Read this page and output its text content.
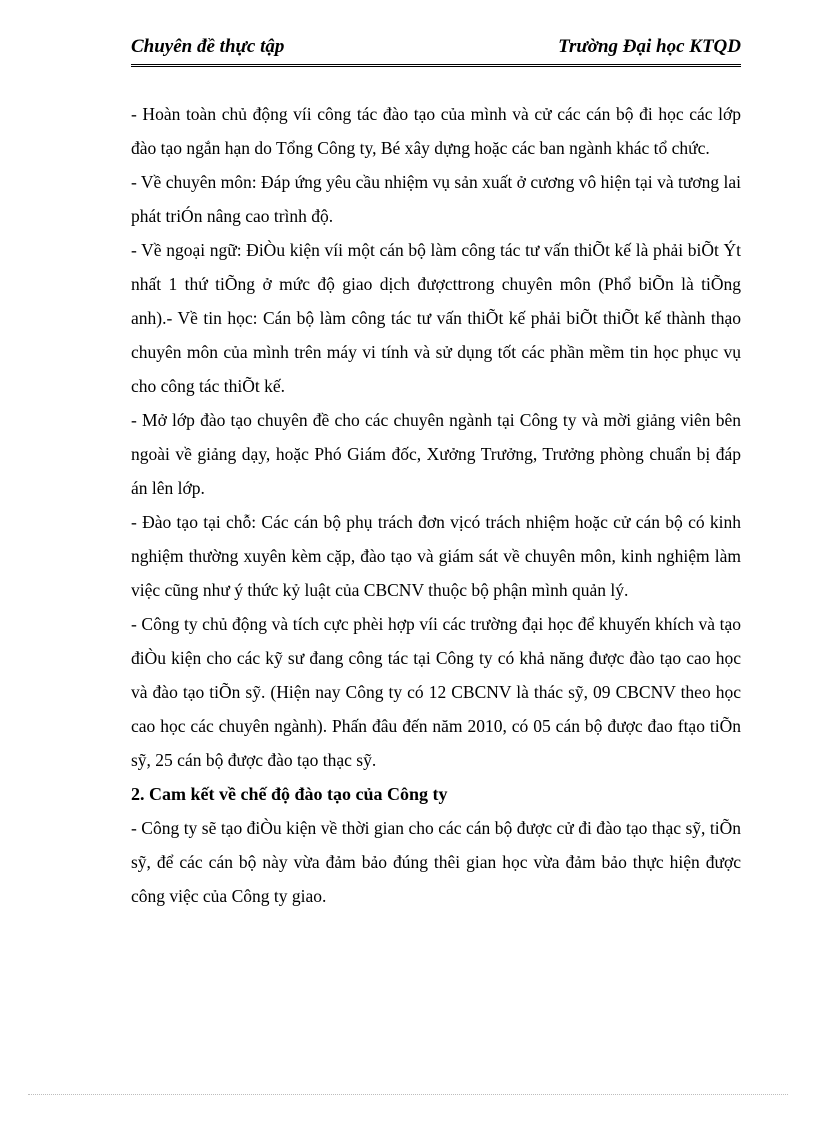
Chuyên đề thực tập	Trường Đại học KTQD

- Hoàn toàn chủ động víi công tác đào tạo của mình và cử các cán bộ đi học các lớp đào tạo ngắn hạn do Tổng Công ty, Bé xây dựng hoặc các ban ngành khác tổ chức.

- Về chuyên môn: Đáp ứng yêu cầu nhiệm vụ sản xuất ở cương vô hiện tại và tương lai phát triÓn nâng cao trình độ.

- Về ngoại ngữ: ĐiÒu kiện víi một cán bộ làm công tác tư vấn thiÕt kế là phải biÕt Ýt nhất 1 thứ tiÕng ở mức độ giao dịch đượcttrong chuyên môn (Phổ biÕn là tiÕng anh).- Về tin học: Cán bộ làm công tác tư vấn thiÕt kế phải biÕt thiÕt kế thành thạo chuyên môn của mình trên máy vi tính và sử dụng tốt các phần mềm tin học phục vụ cho công tác thiÕt kế.

- Mở lớp đào tạo chuyên đề cho các chuyên ngành tại Công ty và mời giảng viên bên ngoài về giảng dạy, hoặc Phó Giám đốc, Xưởng Trưởng, Trưởng phòng chuẩn bị đáp án lên lớp.

- Đào tạo tại chỗ: Các cán bộ phụ trách đơn vịcó trách nhiệm hoặc cử cán bộ có kinh nghiệm thường xuyên kèm cặp, đào tạo và giám sát về chuyên môn, kinh nghiệm làm việc cũng như ý thức kỷ luật của CBCNV thuộc bộ phận mình quản lý.

- Công ty chủ động và tích cực phèi hợp víi các trường đại học để khuyến khích và tạo điÒu kiện cho các kỹ sư đang công tác tại Công ty có khả năng được đào tạo cao học và đào tạo tiÕn sỹ. (Hiện nay Công ty có 12 CBCNV là thác sỹ, 09 CBCNV theo học cao học các chuyên ngành). Phấn đâu đến năm 2010, có 05 cán bộ được đao ftạo tiÕn sỹ, 25 cán bộ được đào tạo thạc sỹ.

2. Cam kết về chế độ đào tạo của Công ty

- Công ty sẽ tạo điÒu kiện về thời gian cho các cán bộ được cử đi đào tạo thạc sỹ, tiÕn sỹ, để các cán bộ này vừa đảm bảo đúng thêi gian học vừa đảm bảo thực hiện được công việc của Công ty giao.
